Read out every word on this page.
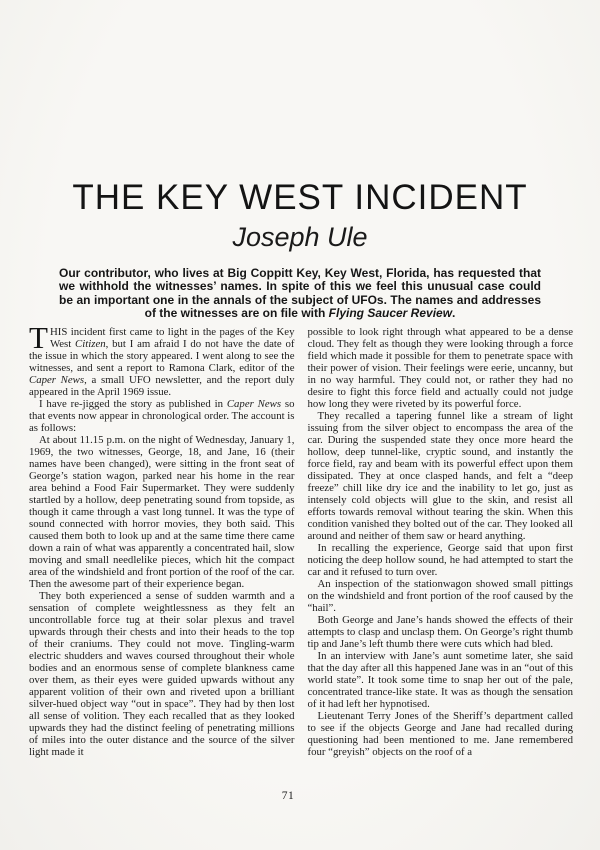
THE KEY WEST INCIDENT
Joseph Ule

Our contributor, who lives at Big Coppitt Key, Key West, Florida, has requested that we withhold the witnesses’ names. In spite of this we feel this unusual case could be an important one in the annals of the subject of UFOs. The names and addresses of the witnesses are on file with Flying Saucer Review.

THIS incident first came to light in the pages of the Key West Citizen, but I am afraid I do not have the date of the issue in which the story appeared. I went along to see the witnesses, and sent a report to Ramona Clark, editor of the Caper News, a small UFO newsletter, and the report duly appeared in the April 1969 issue.

I have re-jigged the story as published in Caper News so that events now appear in chronological order. The account is as follows:

At about 11.15 p.m. on the night of Wednesday, January 1, 1969, the two witnesses, George, 18, and Jane, 16 (their names have been changed), were sitting in the front seat of George’s station wagon, parked near his home in the rear area behind a Food Fair Supermarket. They were suddenly startled by a hollow, deep penetrating sound from topside, as though it came through a vast long tunnel. It was the type of sound connected with horror movies, they both said. This caused them both to look up and at the same time there came down a rain of what was apparently a concentrated hail, slow moving and small needlelike pieces, which hit the compact area of the windshield and front portion of the roof of the car. Then the awesome part of their experience began.

They both experienced a sense of sudden warmth and a sensation of complete weightlessness as they felt an uncontrollable force tug at their solar plexus and travel upwards through their chests and into their heads to the top of their craniums. They could not move. Tingling-warm electric shudders and waves coursed throughout their whole bodies and an enormous sense of complete blankness came over them, as their eyes were guided upwards without any apparent volition of their own and riveted upon a brilliant silver-hued object way “out in space”. They had by then lost all sense of volition. They each recalled that as they looked upwards they had the distinct feeling of penetrating millions of miles into the outer distance and the source of the silver light made it

possible to look right through what appeared to be a dense cloud. They felt as though they were looking through a force field which made it possible for them to penetrate space with their power of vision. Their feelings were eerie, uncanny, but in no way harmful. They could not, or rather they had no desire to fight this force field and actually could not judge how long they were riveted by its powerful force.

They recalled a tapering funnel like a stream of light issuing from the silver object to encompass the area of the car. During the suspended state they once more heard the hollow, deep tunnel-like, cryptic sound, and instantly the force field, ray and beam with its powerful effect upon them dissipated. They at once clasped hands, and felt a “deep freeze” chill like dry ice and the inability to let go, just as intensely cold objects will glue to the skin, and resist all efforts towards removal without tearing the skin. When this condition vanished they bolted out of the car. They looked all around and neither of them saw or heard anything.

In recalling the experience, George said that upon first noticing the deep hollow sound, he had attempted to start the car and it refused to turn over.

An inspection of the stationwagon showed small pittings on the windshield and front portion of the roof caused by the “hail”.

Both George and Jane’s hands showed the effects of their attempts to clasp and unclasp them. On George’s right thumb tip and Jane’s left thumb there were cuts which had bled.

In an interview with Jane’s aunt sometime later, she said that the day after all this happened Jane was in an “out of this world state”. It took some time to snap her out of the pale, concentrated trance-like state. It was as though the sensation of it had left her hypnotised.

Lieutenant Terry Jones of the Sheriff’s department called to see if the objects George and Jane had recalled during questioning had been mentioned to me. Jane remembered four “greyish” objects on the roof of a

71
